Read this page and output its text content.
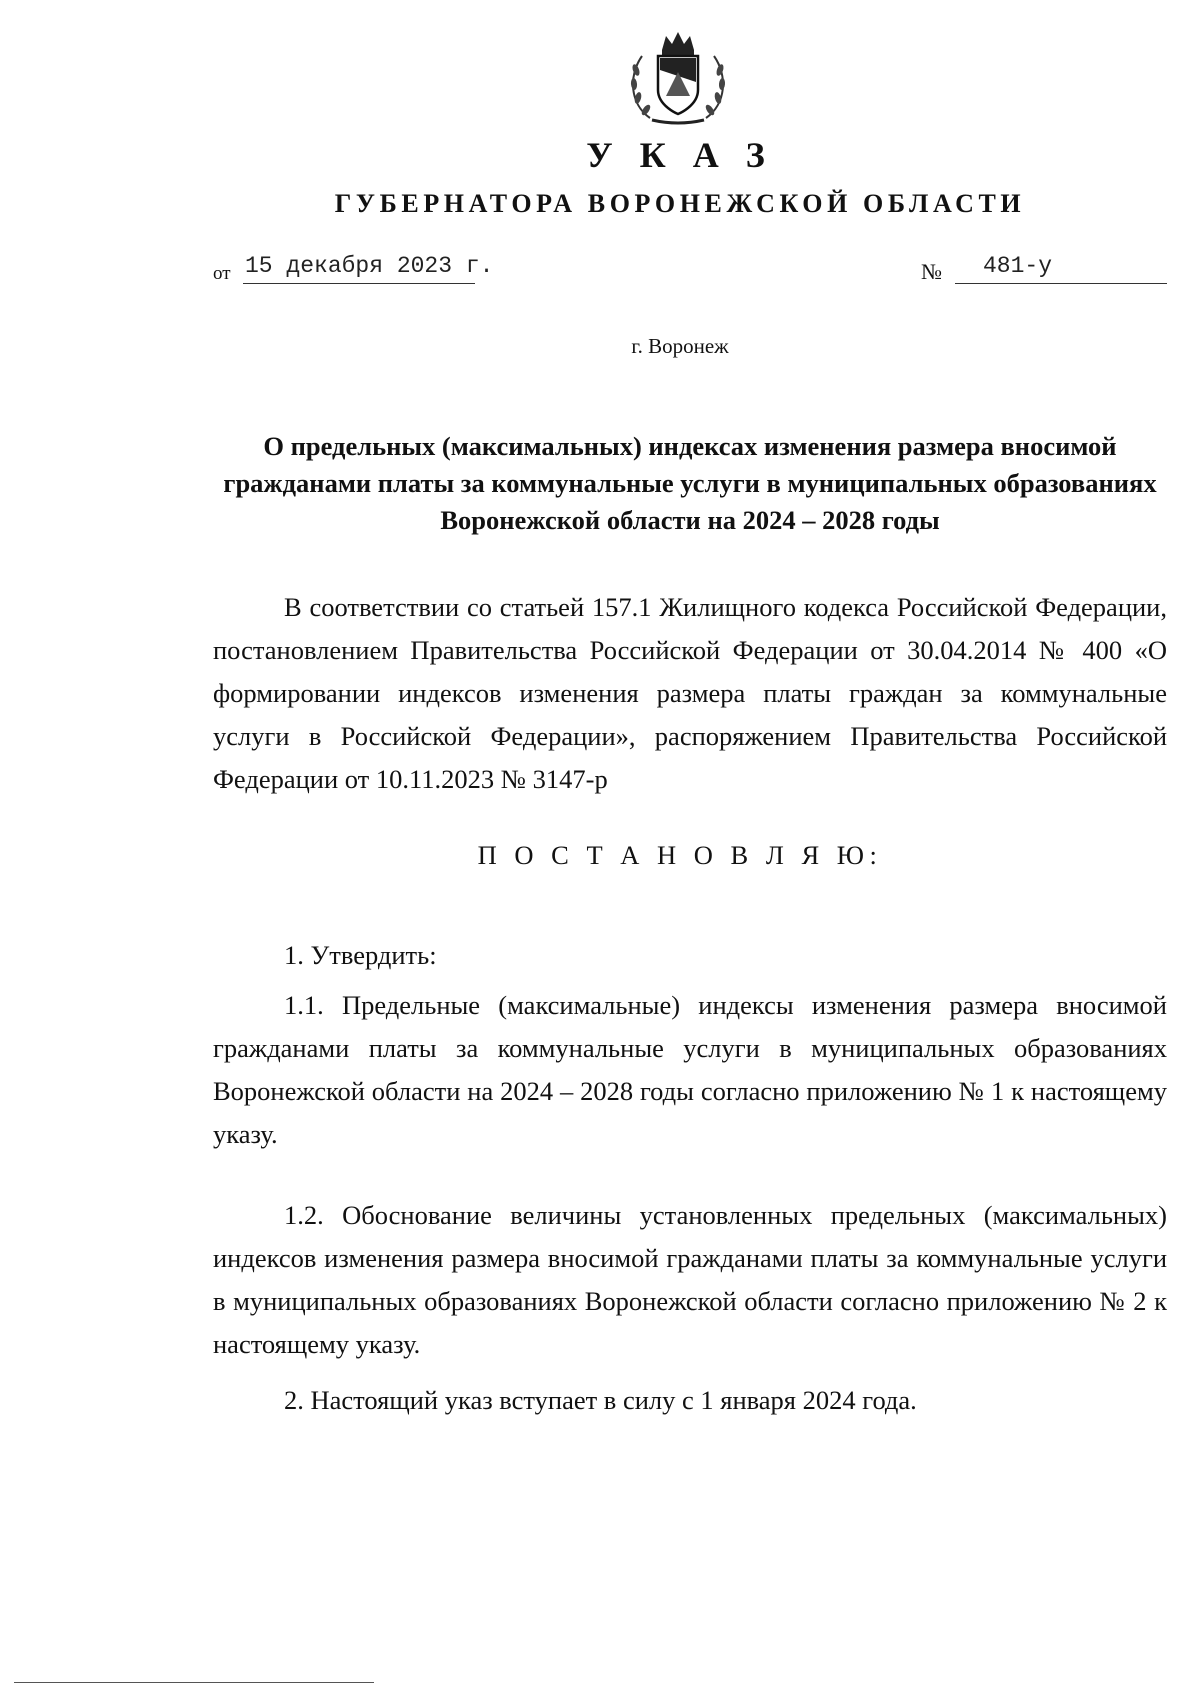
У К А З
ГУБЕРНАТОРА ВОРОНЕЖСКОЙ ОБЛАСТИ
от 15 декабря 2023 г.	№ 481-у
г. Воронеж
О предельных (максимальных) индексах изменения размера вносимой гражданами платы за коммунальные услуги в муниципальных образованиях Воронежской области на 2024 – 2028 годы
В соответствии со статьей 157.1 Жилищного кодекса Российской Федерации, постановлением Правительства Российской Федерации от 30.04.2014 № 400 «О формировании индексов изменения размера платы граждан за коммунальные услуги в Российской Федерации», распоряжением Правительства Российской Федерации от 10.11.2023 № 3147-р
П О С Т А Н О В Л Я Ю:
1. Утвердить:
1.1. Предельные (максимальные) индексы изменения размера вносимой гражданами платы за коммунальные услуги в муниципальных образованиях Воронежской области на 2024 – 2028 годы согласно приложению № 1 к настоящему указу.
1.2. Обоснование величины установленных предельных (максимальных) индексов изменения размера вносимой гражданами платы за коммунальные услуги в муниципальных образованиях Воронежской области согласно приложению № 2 к настоящему указу.
2. Настоящий указ вступает в силу с 1 января 2024 года.
